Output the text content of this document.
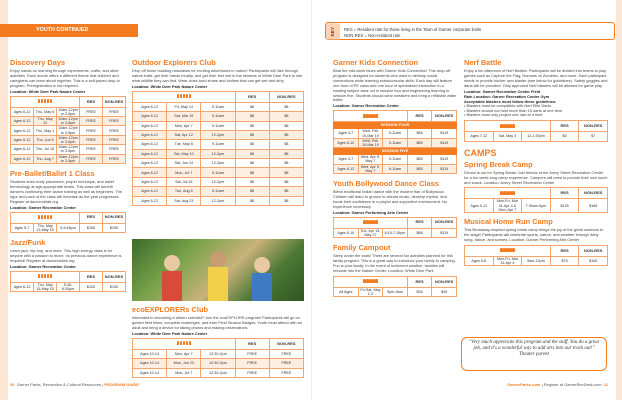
YOUTH CONTINUED	KEY	RES = Resident rate for those living in the Town of Garner corporate limits
NON-RES = Non-resident rate
Discovery Days
Enjoy hands-on learning through experiments, crafts, and other activities. Each month offers a different theme that children and caregivers can learn about together. This is a self-paced drop-in program. Preregistration is not required.
Location: White Deer Park Nature Center
			RES	NON-RES
Ages 6-12	Thu, May 6	10am-12pm or 3-5pm	FREE	FREE
Ages 6-12	Thu, May 13	10am-12pm or 3-5pm	FREE	FREE
Ages 6-12	Thu, May 1	10am-12pm or 3-5pm	FREE	FREE
Ages 6-12	Thu, Jun 5	10am-12pm or 3-5pm	FREE	FREE
Ages 6-12	Thu, Jul 10	10am-12pm or 3-5pm	FREE	FREE
Ages 6-12	Thu, Aug 7	10am-12pm or 3-5pm	FREE	FREE
Pre-Ballet/Ballet 1 Class
Students learn body placement, proper technique, and ballet terminology at age-appropriate levels. This class will benefit dancers continuing their dance training as well as beginners. The rigor and pace of the class will increase as the year progresses. Register at danceroblab.org
Location: Garner Recreation Center
			RES	NON-RES
Ages 5-7	Thu, May 13-May 15	5-5:45pm	$105	$105
Jazz/Funk
Learn jazz, hip-hop, and more. This high-energy class is for anyone with a passion to move, no previous dance experience is required! Register at danceroblab.org
Location: Garner Recreation Center
			RES	NON-RES
Ages 6-12	Thu, May 15-May 15	5:45-6:30pm	$105	$105
Outdoor Explorers Club
Drop off those budding naturalists for exciting adventures in nature! Participants will hike through nature trails, get their hands muddy, and get their feet wet in the streams of White Deer Park to see what wildlife they can find. Wear close-toed shoes and clothes that can get wet and dirty.
Location: White Deer Park Nature Center
			RES	NON-RES
Ages 6-12	Fri, May 14	9-11am	$6	$8
Ages 6-12	Sat, Mar 19	9-11am	$6	$8
Ages 6-12	Mon, Apr 7	9-11am	$6	$8
Ages 6-12	Sat, Apr 12	12-2pm	$6	$8
Ages 6-12	Tue, May 6	9-11am	$6	$8
Ages 6-12	Sat, May 10	12-2pm	$6	$8
Ages 6-12	Sat, Jun 14	12-2pm	$6	$8
Ages 6-12	Mon, Jul 7	9-11am	$6	$8
Ages 6-12	Sat, Jul 26	12-2pm	$6	$8
Ages 6-12	Tue, Aug 5	9-11am	$6	$8
Ages 6-12	Sat, Aug 23	12-2pm	$6	$8
ecoEXPLORERs Club
Interested in becoming a citizen scientist? Join the ecoEXPLORE program! Participants will go on guided field hikes, complete challenges, and earn Field Season Badges. Youth must attend with an adult and bring a device for taking photos and making observations.
Location: White Deer Park Nature Center
			RES	NON-RES
Ages 10-14	Mon, Apr 7	12:30-2pm	FREE	FREE
Ages 10-14	Mon, Jun 23	12:30-2pm	FREE	FREE
Ages 10-14	Mon, Jul 7	12:30-2pm	FREE	FREE
Garner Kids Connection
Beat the mid-week blues with Garner Kids Connection! This drop-off program is designed for students who want to develop social connections while learning extracurricular skills. Each day will feature one hour of PE class and one hour of specialized instruction in a rotating subject area: art in session four and engineering learning in session five. Students should wear sneakers and bring a refillable water bottle.
Location: Garner Recreation Center
			RES	NON-RES
SESSION FOUR				
Ages 4-7	Wed, Feb 19-Mar 19	9-11am	$85	$119
Ages 8-12	Wed, Feb 19-Mar 19	9-11am	$85	$119
SESSION FIVE				
Ages 4-7	Wed, Apr 9-May 7	9-11am	$85	$119
Ages 8-12	Wed, Apr 9-May 7	9-11am	$85	$119
Youth Bollywood Dance Class
Blend traditional Indian dance with the modern flair of Bollywood. Children will learn to groove to vibrant music, develop rhythm, and boost their confidence in a playful and supportive environment. No experience necessary.
Location: Garner Performing Arts Center
			RES	NON-RES
Ages 5-10	Tue, Apr 15-May 27	6:15-7:15pm	$88	$119
Family Campout
Sleep under the stars! There are several fun activities planned for this family program. This is a great way to introduce your family to camping. Fun is your family. In the event of inclement weather, families will relocate into the Nature Center. Location: White Deer Park
			RES	NON-RES
All Ages	Fri-Sat, May 2-3	5pm-9am	$35	$49
Nerf Battle
Enjoy a fun afternoon of Nerf Battles. Participants will be divided into teams to play games such as Capture the Flag, Humans vs Zombies, and more. Each participant needs to provide his/her own blaster (see below for guidelines). Safety goggles and darts will be provided. Only approved Nerf blasters will be allowed for game play.
Location: Garner Recreation Center Field
Rain Location: Garner Recreation Center Gym
Acceptable blasters must follow these guidelines:
• Blasters must be compatible with Nerf Elite Darts.
• Blasters should not hold more than 15 darts at one time.
• Blasters must only project one dart at a time.
			RES	NON-RES
Ages 7-12	Sat, May 3	12-1:30pm	$5	$7
CAMPS
Spring Break Camp
School is out for Spring Break! Join friends at the Avery Street Recreation Center for a fun week-long camp experience. Campers will need to provide their own lunch and snack. Location: Avery Street Recreation Center
			RES	NON-RES
Ages 5-11	Mon-Fri, Mar 31-Apr 4 & Mon, Apr 7	7:30am-6pm	$125	$168
Musical Home Run Camp
This Broadway-inspired spring break camp brings the joy of the great outdoors to the stage! Participants will celebrate sports, nature, and weather through lively song, dance, and scenes. Location: Garner Performing Arts Center
			RES	NON-RES
Ages 5-8	Mon-Fri, Mar 31-Apr 4	9am-12pm	$75	$105
"Very much appreciate this program and the staff. You do a great job, and it's a wonderful way to add arts into our track out!"
Theater parent
10 Garner Parks, Recreation & Cultural Resources | PROGRAM GUIDE	GarnerParks.com | Register at GarnerRecDesk.com 11
